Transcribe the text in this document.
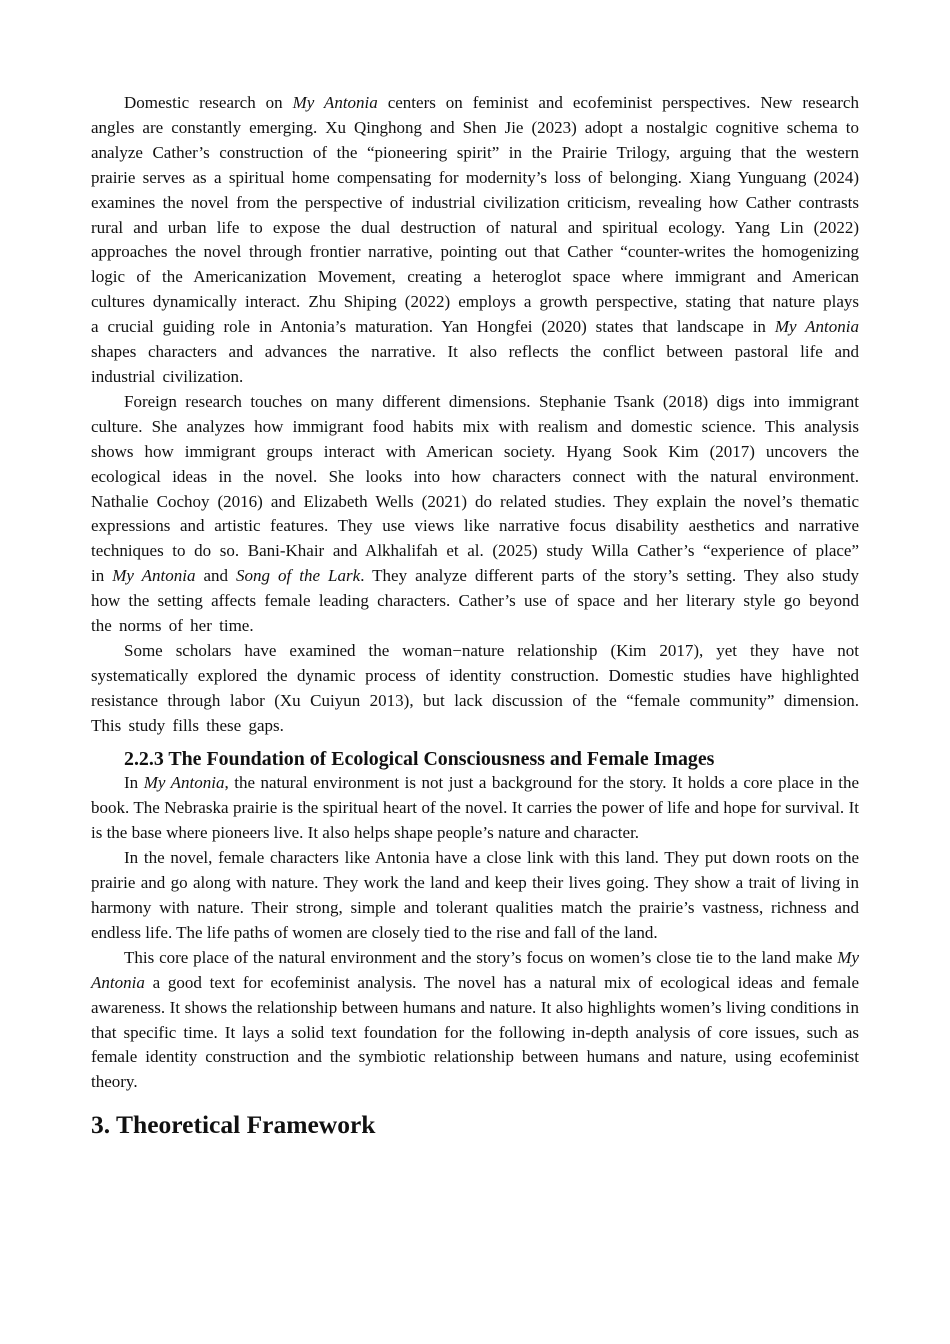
Domestic research on My Antonia centers on feminist and ecofeminist perspectives. New research angles are constantly emerging. Xu Qinghong and Shen Jie (2023) adopt a nostalgic cognitive schema to analyze Cather’s construction of the “pioneering spirit” in the Prairie Trilogy, arguing that the western prairie serves as a spiritual home compensating for modernity’s loss of belonging. Xiang Yunguang (2024) examines the novel from the perspective of industrial civilization criticism, revealing how Cather contrasts rural and urban life to expose the dual destruction of natural and spiritual ecology. Yang Lin (2022) approaches the novel through frontier narrative, pointing out that Cather “counter-writes the homogenizing logic of the Americanization Movement, creating a heteroglot space where immigrant and American cultures dynamically interact. Zhu Shiping (2022) employs a growth perspective, stating that nature plays a crucial guiding role in Antonia’s maturation. Yan Hongfei (2020) states that landscape in My Antonia shapes characters and advances the narrative. It also reflects the conflict between pastoral life and industrial civilization.

Foreign research touches on many different dimensions. Stephanie Tsank (2018) digs into immigrant culture. She analyzes how immigrant food habits mix with realism and domestic science. This analysis shows how immigrant groups interact with American society. Hyang Sook Kim (2017) uncovers the ecological ideas in the novel. She looks into how characters connect with the natural environment. Nathalie Cochoy (2016) and Elizabeth Wells (2021) do related studies. They explain the novel’s thematic expressions and artistic features. They use views like narrative focus disability aesthetics and narrative techniques to do so. Bani-Khair and Alkhalifah et al. (2025) study Willa Cather’s “experience of place” in My Antonia and Song of the Lark. They analyze different parts of the story’s setting. They also study how the setting affects female leading characters. Cather’s use of space and her literary style go beyond the norms of her time.

Some scholars have examined the woman−nature relationship (Kim 2017), yet they have not systematically explored the dynamic process of identity construction. Domestic studies have highlighted resistance through labor (Xu Cuiyun 2013), but lack discussion of the “female community” dimension. This study fills these gaps.

2.2.3 The Foundation of Ecological Consciousness and Female Images

In My Antonia, the natural environment is not just a background for the story. It holds a core place in the book. The Nebraska prairie is the spiritual heart of the novel. It carries the power of life and hope for survival. It is the base where pioneers live. It also helps shape people’s nature and character.

In the novel, female characters like Antonia have a close link with this land. They put down roots on the prairie and go along with nature. They work the land and keep their lives going. They show a trait of living in harmony with nature. Their strong, simple and tolerant qualities match the prairie’s vastness, richness and endless life. The life paths of women are closely tied to the rise and fall of the land.

This core place of the natural environment and the story’s focus on women’s close tie to the land make My Antonia a good text for ecofeminist analysis. The novel has a natural mix of ecological ideas and female awareness. It shows the relationship between humans and nature. It also highlights women’s living conditions in that specific time. It lays a solid text foundation for the following in-depth analysis of core issues, such as female identity construction and the symbiotic relationship between humans and nature, using ecofeminist theory.

3. Theoretical Framework
